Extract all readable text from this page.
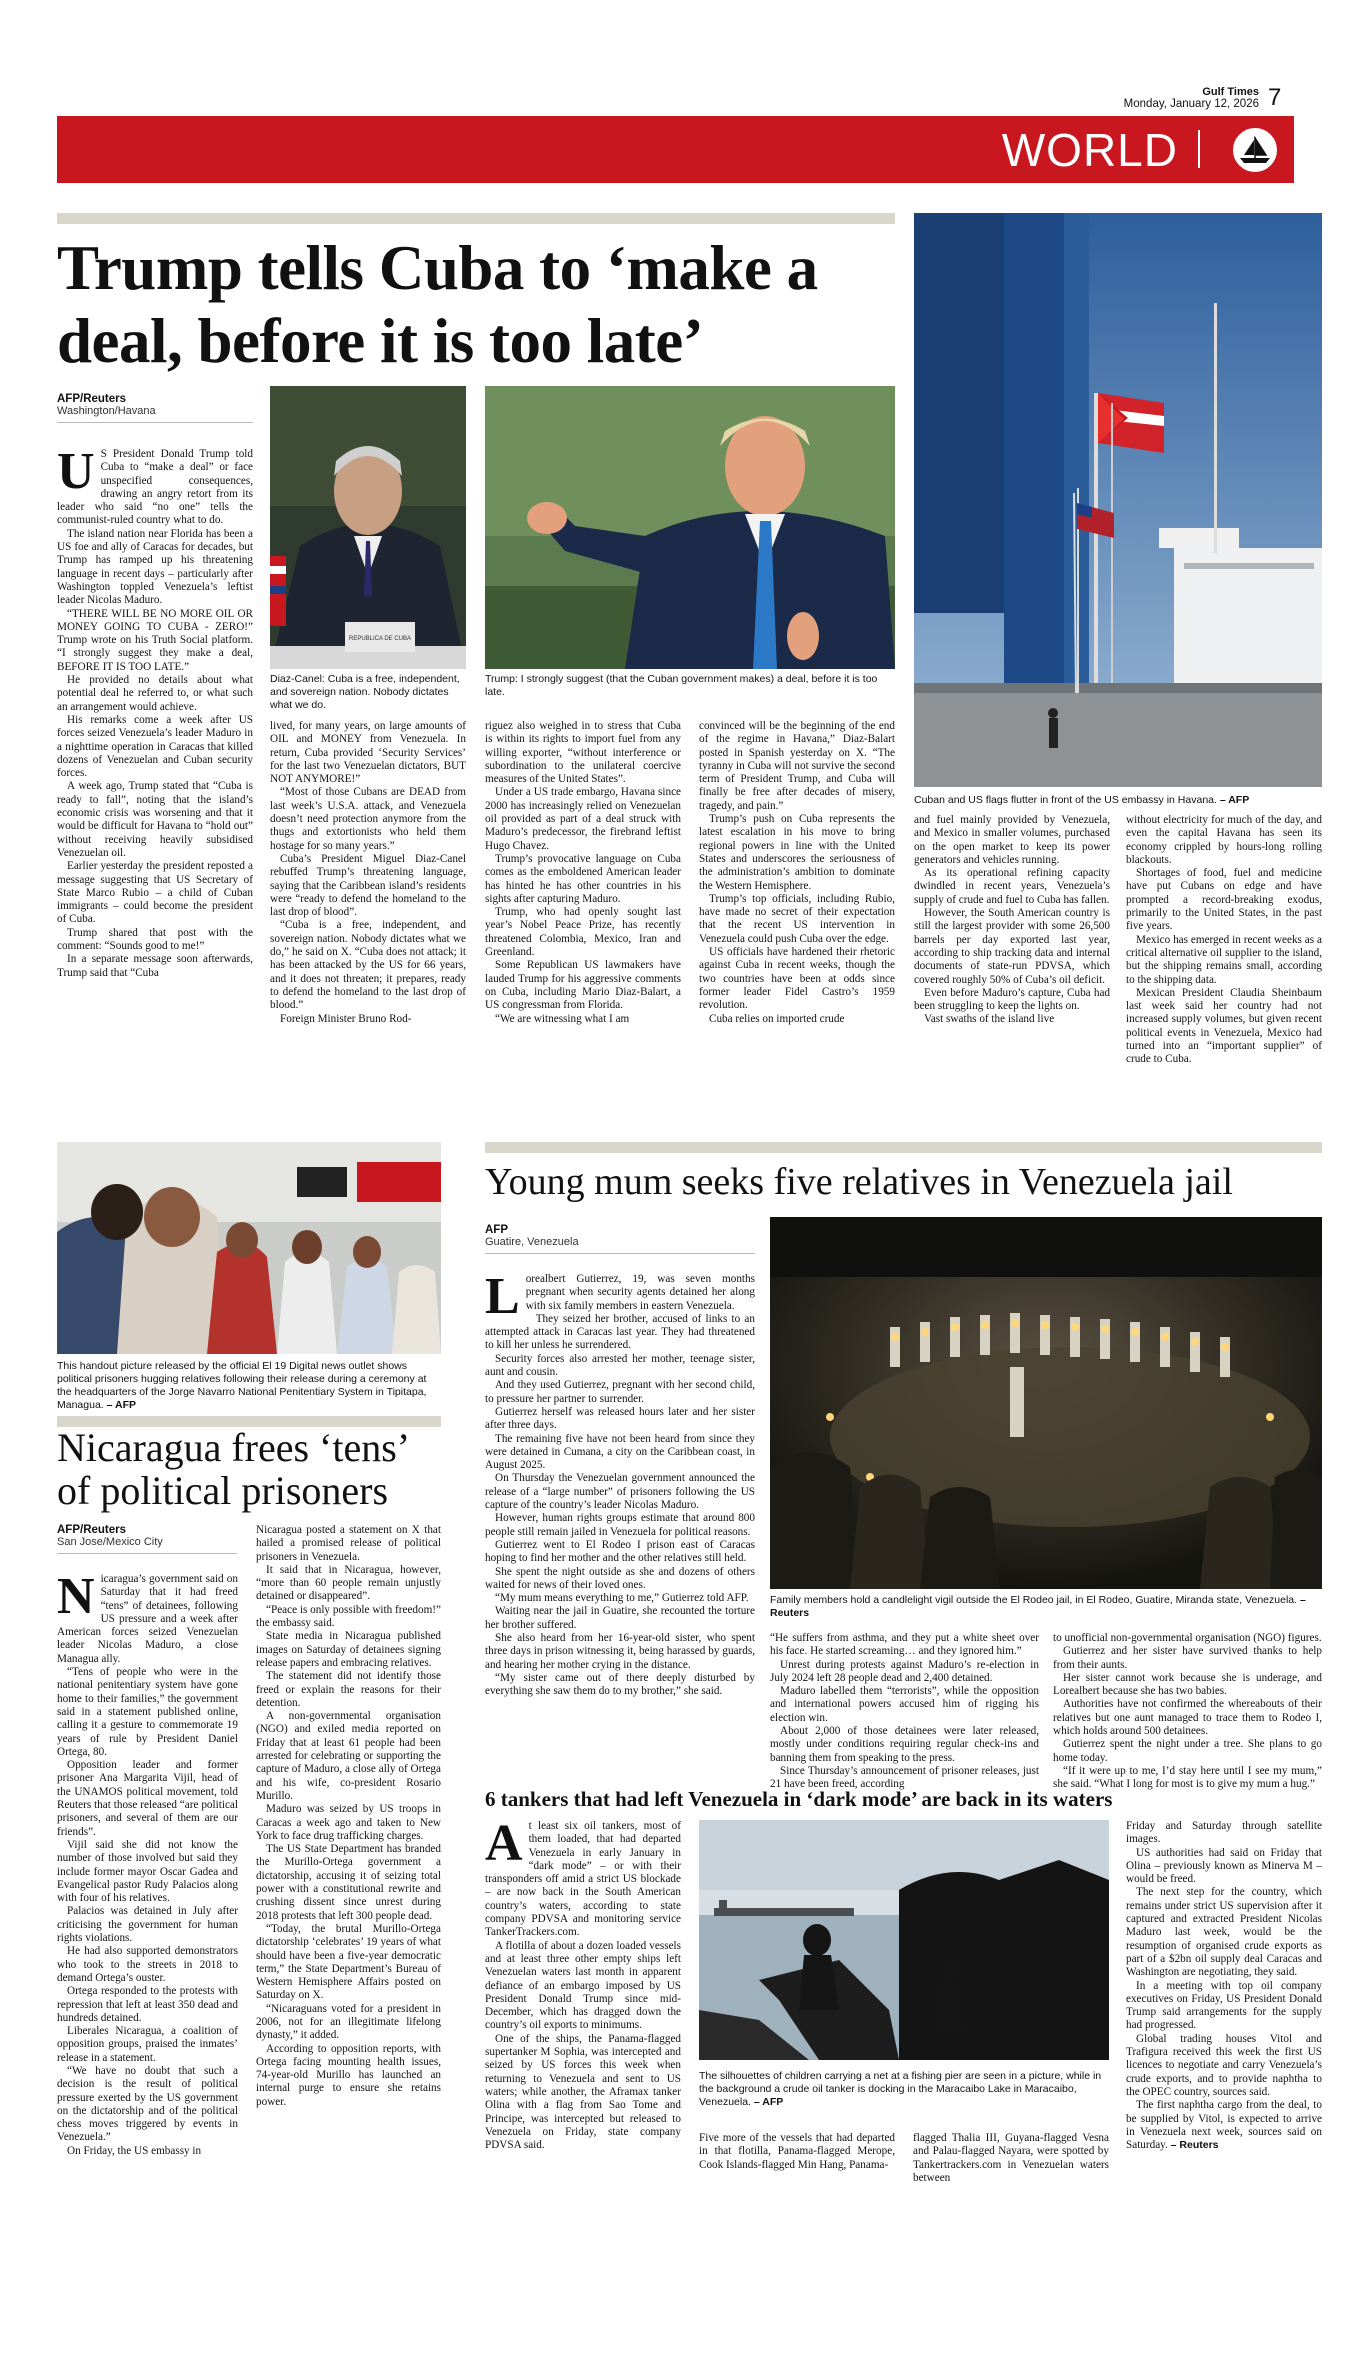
Gulf Times
Monday, January 12, 2026 7
WORLD
Trump tells Cuba to ‘make a deal, before it is too late’
Cuban and US flags flutter in front of the US embassy in Havana. – AFP
AFP/Reuters
Washington/Havana
REPUBLICA DE CUBA
Diaz-Canel: Cuba is a free, independent, and sovereign nation. Nobody dictates what we do.
Trump: I strongly suggest (that the Cuban government makes) a deal, before it is too late.

U S President Donald Trump told Cuba to “make a deal” or face unspecified consequences, drawing an angry retort from its leader who said “no one” tells the communist-ruled country what to do.

The island nation near Florida has been a US foe and ally of Caracas for decades, but Trump has ramped up his threatening language in recent days – particularly after Washington toppled Venezuela’s leftist leader Nicolas Maduro.

“THERE WILL BE NO MORE OIL OR MONEY GOING TO CUBA - ZERO!” Trump wrote on his Truth Social platform. “I strongly suggest they make a deal, BEFORE IT IS TOO LATE.”

He provided no details about what potential deal he referred to, or what such an arrangement would achieve.

His remarks come a week after US forces seized Venezuela’s leader Maduro in a nighttime operation in Caracas that killed dozens of Venezuelan and Cuban security forces.

A week ago, Trump stated that “Cuba is ready to fall”, noting that the island’s economic crisis was worsening and that it would be difficult for Havana to “hold out” without receiving heavily subsidised Venezuelan oil.

Earlier yesterday the president reposted a message suggesting that US Secretary of State Marco Rubio – a child of Cuban immigrants – could become the president of Cuba.

Trump shared that post with the comment: “Sounds good to me!”

In a separate message soon afterwards, Trump said that “Cuba

lived, for many years, on large amounts of OIL and MONEY from Venezuela. In return, Cuba provided ‘Security Services’ for the last two Venezuelan dictators, BUT NOT ANYMORE!”

“Most of those Cubans are DEAD from last week’s U.S.A. attack, and Venezuela doesn’t need protection anymore from the thugs and extortionists who held them hostage for so many years.”

Cuba’s President Miguel Diaz-Canel rebuffed Trump’s threatening language, saying that the Caribbean island’s residents were “ready to defend the homeland to the last drop of blood”.

“Cuba is a free, independent, and sovereign nation. Nobody dictates what we do,” he said on X. “Cuba does not attack; it has been attacked by the US for 66 years, and it does not threaten; it prepares, ready to defend the homeland to the last drop of blood.”

Foreign Minister Bruno Rod-

riguez also weighed in to stress that Cuba is within its rights to import fuel from any willing exporter, “without interference or subordination to the unilateral coercive measures of the United States”.

Under a US trade embargo, Havana since 2000 has increasingly relied on Venezuelan oil provided as part of a deal struck with Maduro’s predecessor, the firebrand leftist Hugo Chavez.

Trump’s provocative language on Cuba comes as the emboldened American leader has hinted he has other countries in his sights after capturing Maduro.

Trump, who had openly sought last year’s Nobel Peace Prize, has recently threatened Colombia, Mexico, Iran and Greenland.

Some Republican US lawmakers have lauded Trump for his aggressive comments on Cuba, including Mario Diaz-Balart, a US congressman from Florida.

“We are witnessing what I am

convinced will be the beginning of the end of the regime in Havana,” Diaz-Balart posted in Spanish yesterday on X. “The tyranny in Cuba will not survive the second term of President Trump, and Cuba will finally be free after decades of misery, tragedy, and pain.”

Trump’s push on Cuba represents the latest escalation in his move to bring regional powers in line with the United States and underscores the seriousness of the administration’s ambition to dominate the Western Hemisphere.

Trump’s top officials, including Rubio, have made no secret of their expectation that the recent US intervention in Venezuela could push Cuba over the edge.

US officials have hardened their rhetoric against Cuba in recent weeks, though the two countries have been at odds since former leader Fidel Castro’s 1959 revolution.

Cuba relies on imported crude

and fuel mainly provided by Venezuela, and Mexico in smaller volumes, purchased on the open market to keep its power generators and vehicles running.

As its operational refining capacity dwindled in recent years, Venezuela’s supply of crude and fuel to Cuba has fallen.

However, the South American country is still the largest provider with some 26,500 barrels per day exported last year, according to ship tracking data and internal documents of state-run PDVSA, which covered roughly 50% of Cuba’s oil deficit.

Even before Maduro’s capture, Cuba had been struggling to keep the lights on.

Vast swaths of the island live

without electricity for much of the day, and even the capital Havana has seen its economy crippled by hours-long rolling blackouts.

Shortages of food, fuel and medicine have put Cubans on edge and have prompted a record-breaking exodus, primarily to the United States, in the past five years.

Mexico has emerged in recent weeks as a critical alternative oil supplier to the island, but the shipping remains small, according to the shipping data.

Mexican President Claudia Sheinbaum last week said her country had not increased supply volumes, but given recent political events in Venezuela, Mexico had turned into an “important supplier” of crude to Cuba.

This handout picture released by the official El 19 Digital news outlet shows political prisoners hugging relatives following their release during a ceremony at the headquarters of the Jorge Navarro National Penitentiary System in Tipitapa, Managua. – AFP
Nicaragua frees ‘tens’ of political prisoners
AFP/Reuters
San Jose/Mexico City

Nicaragua’s government said on Saturday that it had freed “tens” of detainees, following US pressure and a week after American forces seized Venezuelan leader Nicolas Maduro, a close Managua ally.

“Tens of people who were in the national penitentiary system have gone home to their families,” the government said in a statement published online, calling it a gesture to commemorate 19 years of rule by President Daniel Ortega, 80.

Opposition leader and former prisoner Ana Margarita Vijil, head of the UNAMOS political movement, told Reuters that those released “are political prisoners, and several of them are our friends”.

Vijil said she did not know the number of those involved but said they include former mayor Oscar Gadea and Evangelical pastor Rudy Palacios along with four of his relatives.

Palacios was detained in July after criticising the government for human rights violations.

He had also supported demonstrators who took to the streets in 2018 to demand Ortega’s ouster.

Ortega responded to the protests with repression that left at least 350 dead and hundreds detained.

Liberales Nicaragua, a coalition of opposition groups, praised the inmates’ release in a statement.

“We have no doubt that such a decision is the result of political pressure exerted by the US government on the dictatorship and of the political chess moves triggered by events in Venezuela.”

On Friday, the US embassy in

Nicaragua posted a statement on X that hailed a promised release of political prisoners in Venezuela.

It said that in Nicaragua, however, “more than 60 people remain unjustly detained or disappeared”.

“Peace is only possible with freedom!” the embassy said.

State media in Nicaragua published images on Saturday of detainees signing release papers and embracing relatives.

The statement did not identify those freed or explain the reasons for their detention.

A non-governmental organisation (NGO) and exiled media reported on Friday that at least 61 people had been arrested for celebrating or supporting the capture of Maduro, a close ally of Ortega and his wife, co-president Rosario Murillo.

Maduro was seized by US troops in Caracas a week ago and taken to New York to face drug trafficking charges.

The US State Department has branded the Murillo-Ortega government a dictatorship, accusing it of seizing total power with a constitutional rewrite and crushing dissent since unrest during 2018 protests that left 300 people dead.

“Today, the brutal Murillo-Ortega dictatorship ‘celebrates’ 19 years of what should have been a five-year democratic term,” the State Department’s Bureau of Western Hemisphere Affairs posted on Saturday on X.

“Nicaraguans voted for a president in 2006, not for an illegitimate lifelong dynasty,” it added.

According to opposition reports, with Ortega facing mounting health issues, 74-year-old Murillo has launched an internal purge to ensure she retains power.

Young mum seeks five relatives in Venezuela jail
AFP
Guatire, Venezuela

Lorealbert Gutierrez, 19, was seven months pregnant when security agents detained her along with six family members in eastern Venezuela.

They seized her brother, accused of links to an attempted attack in Caracas last year. They had threatened to kill her unless he surrendered.

Security forces also arrested her mother, teenage sister, aunt and cousin.

And they used Gutierrez, pregnant with her second child, to pressure her partner to surrender.

Gutierrez herself was released hours later and her sister after three days.

The remaining five have not been heard from since they were detained in Cumana, a city on the Caribbean coast, in August 2025.

On Thursday the Venezuelan government announced the release of a “large number” of prisoners following the US capture of the country’s leader Nicolas Maduro.

However, human rights groups estimate that around 800 people still remain jailed in Venezuela for political reasons.

Gutierrez went to El Rodeo I prison east of Caracas hoping to find her mother and the other relatives still held.

She spent the night outside as she and dozens of others waited for news of their loved ones.

“My mum means everything to me,” Gutierrez told AFP.

Waiting near the jail in Guatire, she recounted the torture her brother suffered.

She also heard from her 16-year-old sister, who spent three days in prison witnessing it, being harassed by guards, and hearing her mother crying in the distance.

“My sister came out of there deeply disturbed by everything she saw them do to my brother,” she said.

Family members hold a candlelight vigil outside the El Rodeo jail, in El Rodeo, Guatire, Miranda state, Venezuela. – Reuters

“He suffers from asthma, and they put a white sheet over his face. He started screaming… and they ignored him.”

Unrest during protests against Maduro’s re-election in July 2024 left 28 people dead and 2,400 detained.

Maduro labelled them “terrorists”, while the opposition and international powers accused him of rigging his election win.

About 2,000 of those detainees were later released, mostly under conditions requiring regular check-ins and banning them from speaking to the press.

Since Thursday’s announcement of prisoner releases, just 21 have been freed, according

to unofficial non-governmental organisation (NGO) figures.

Gutierrez and her sister have survived thanks to help from their aunts.

Her sister cannot work because she is underage, and Lorealbert because she has two babies.

Authorities have not confirmed the whereabouts of their relatives but one aunt managed to trace them to Rodeo I, which holds around 500 detainees.

Gutierrez spent the night under a tree. She plans to go home today.

“If it were up to me, I’d stay here until I see my mum,” she said. “What I long for most is to give my mum a hug.”

6 tankers that had left Venezuela in ‘dark mode’ are back in its waters

At least six oil tankers, most of them loaded, that had departed Venezuela in early January in “dark mode” – or with their transponders off amid a strict US blockade – are now back in the South American country’s waters, according to state company PDVSA and monitoring service TankerTrackers.com.

A flotilla of about a dozen loaded vessels and at least three other empty ships left Venezuelan waters last month in apparent defiance of an embargo imposed by US President Donald Trump since mid-December, which has dragged down the country’s oil exports to minimums.

One of the ships, the Panama-flagged supertanker M Sophia, was intercepted and seized by US forces this week when returning to Venezuela and sent to US waters; while another, the Aframax tanker Olina with a flag from Sao Tome and Principe, was intercepted but released to Venezuela on Friday, state company PDVSA said.

The silhouettes of children carrying a net at a fishing pier are seen in a picture, while in the background a crude oil tanker is docking in the Maracaibo Lake in Maracaibo, Venezuela. – AFP

Five more of the vessels that had departed in that flotilla, Panama-flagged Merope, Cook Islands-flagged Min Hang, Panama-

flagged Thalia III, Guyana-flagged Vesna and Palau-flagged Nayara, were spotted by Tankertrackers.com in Venezuelan waters between

Friday and Saturday through satellite images.

US authorities had said on Friday that Olina – previously known as Minerva M – would be freed.

The next step for the country, which remains under strict US supervision after it captured and extracted President Nicolas Maduro last week, would be the resumption of organised crude exports as part of a $2bn oil supply deal Caracas and Washington are negotiating, they said.

In a meeting with top oil company executives on Friday, US President Donald Trump said arrangements for the supply had progressed.

Global trading houses Vitol and Trafigura received this week the first US licences to negotiate and carry Venezuela’s crude exports, and to provide naphtha to the OPEC country, sources said.

The first naphtha cargo from the deal, to be supplied by Vitol, is expected to arrive in Venezuela next week, sources said on Saturday. – Reuters
